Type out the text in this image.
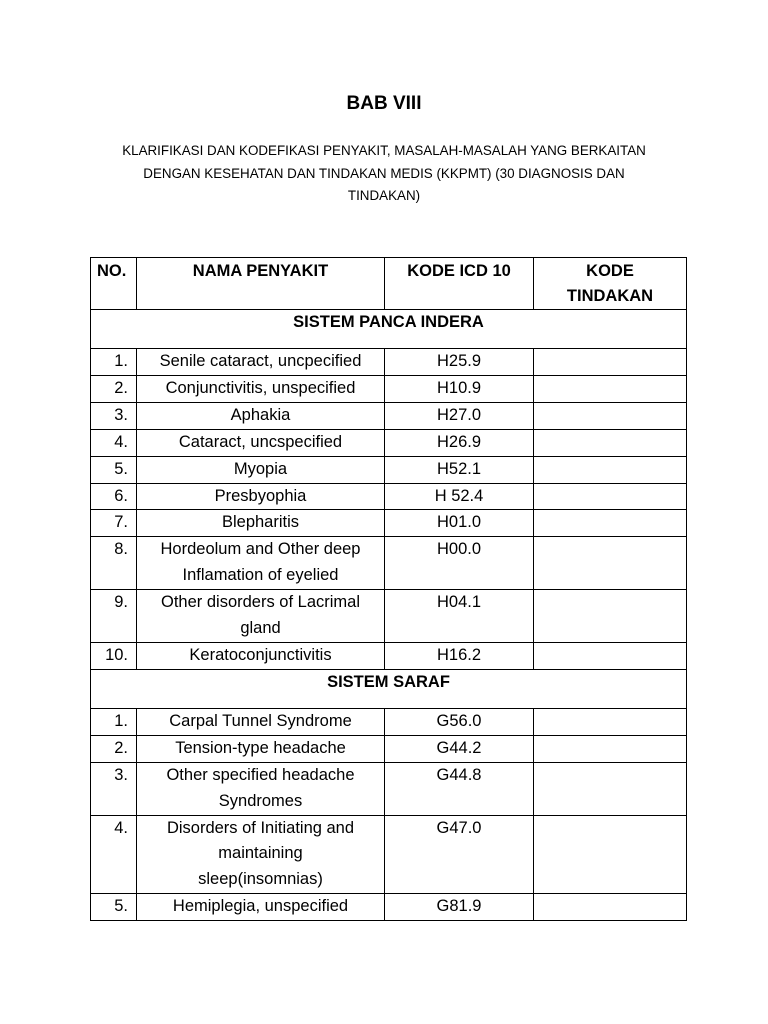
BAB VIII
KLARIFIKASI DAN KODEFIKASI PENYAKIT, MASALAH-MASALAH YANG BERKAITAN
DENGAN KESEHATAN DAN TINDAKAN MEDIS (KKPMT) (30 DIAGNOSIS DAN
TINDAKAN)
NO.	NAMA PENYAKIT	KODE ICD 10	KODE
TINDAKAN

SISTEM PANCA INDERA			
1.	Senile cataract, uncpecified	H25.9	
2.	Conjunctivitis, unspecified	H10.9	
3.	Aphakia	H27.0	
4.	Cataract, uncspecified	H26.9	
5.	Myopia	H52.1	
6.	Presbyophia	H 52.4	
7.	Blepharitis	H01.0	
8.	Hordeolum and Other deep
Inflamation of eyelied	H00.0	
9.	Other disorders of Lacrimal
gland	H04.1	
10.	Keratoconjunctivitis	H16.2	
SISTEM SARAF			
1.	Carpal Tunnel Syndrome	G56.0	
2.	Tension-type headache	G44.2	
3.	Other specified headache
Syndromes	G44.8	
4.	Disorders of Initiating and
maintaining
sleep(insomnias)	G47.0	
5.	Hemiplegia, unspecified	G81.9	
